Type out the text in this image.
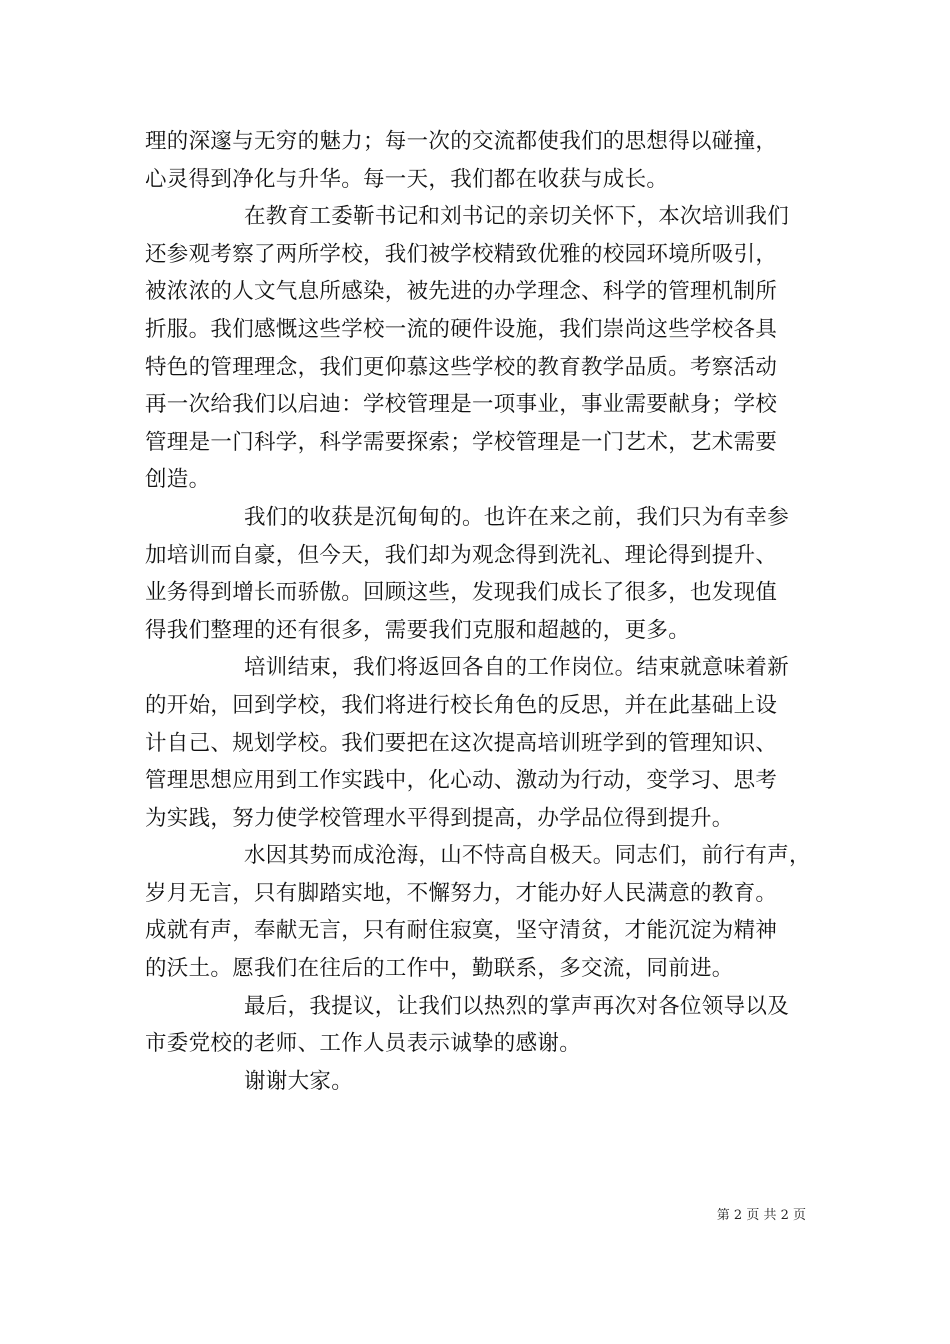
理的深邃与无穷的魅力；每一次的交流都使我们的思想得以碰撞，
心灵得到净化与升华。每一天，我们都在收获与成长。
在教育工委靳书记和刘书记的亲切关怀下，本次培训我们
还参观考察了两所学校，我们被学校精致优雅的校园环境所吸引，
被浓浓的人文气息所感染，被先进的办学理念、科学的管理机制所
折服。我们感慨这些学校一流的硬件设施，我们崇尚这些学校各具
特色的管理理念，我们更仰慕这些学校的教育教学品质。考察活动
再一次给我们以启迪：学校管理是一项事业，事业需要献身；学校
管理是一门科学，科学需要探索；学校管理是一门艺术，艺术需要
创造。
我们的收获是沉甸甸的。也许在来之前，我们只为有幸参
加培训而自豪，但今天，我们却为观念得到洗礼、理论得到提升、
业务得到增长而骄傲。回顾这些，发现我们成长了很多，也发现值
得我们整理的还有很多，需要我们克服和超越的，更多。
培训结束，我们将返回各自的工作岗位。结束就意味着新
的开始，回到学校，我们将进行校长角色的反思，并在此基础上设
计自己、规划学校。我们要把在这次提高培训班学到的管理知识、
管理思想应用到工作实践中，化心动、激动为行动，变学习、思考
为实践，努力使学校管理水平得到提高，办学品位得到提升。
水因其势而成沧海，山不恃高自极天。同志们，前行有声，
岁月无言，只有脚踏实地，不懈努力，才能办好人民满意的教育。
成就有声，奉献无言，只有耐住寂寞，坚守清贫，才能沉淀为精神
的沃土。愿我们在往后的工作中，勤联系，多交流，同前进。
最后，我提议，让我们以热烈的掌声再次对各位领导以及
市委党校的老师、工作人员表示诚挚的感谢。
谢谢大家。
第 2 页 共 2 页
